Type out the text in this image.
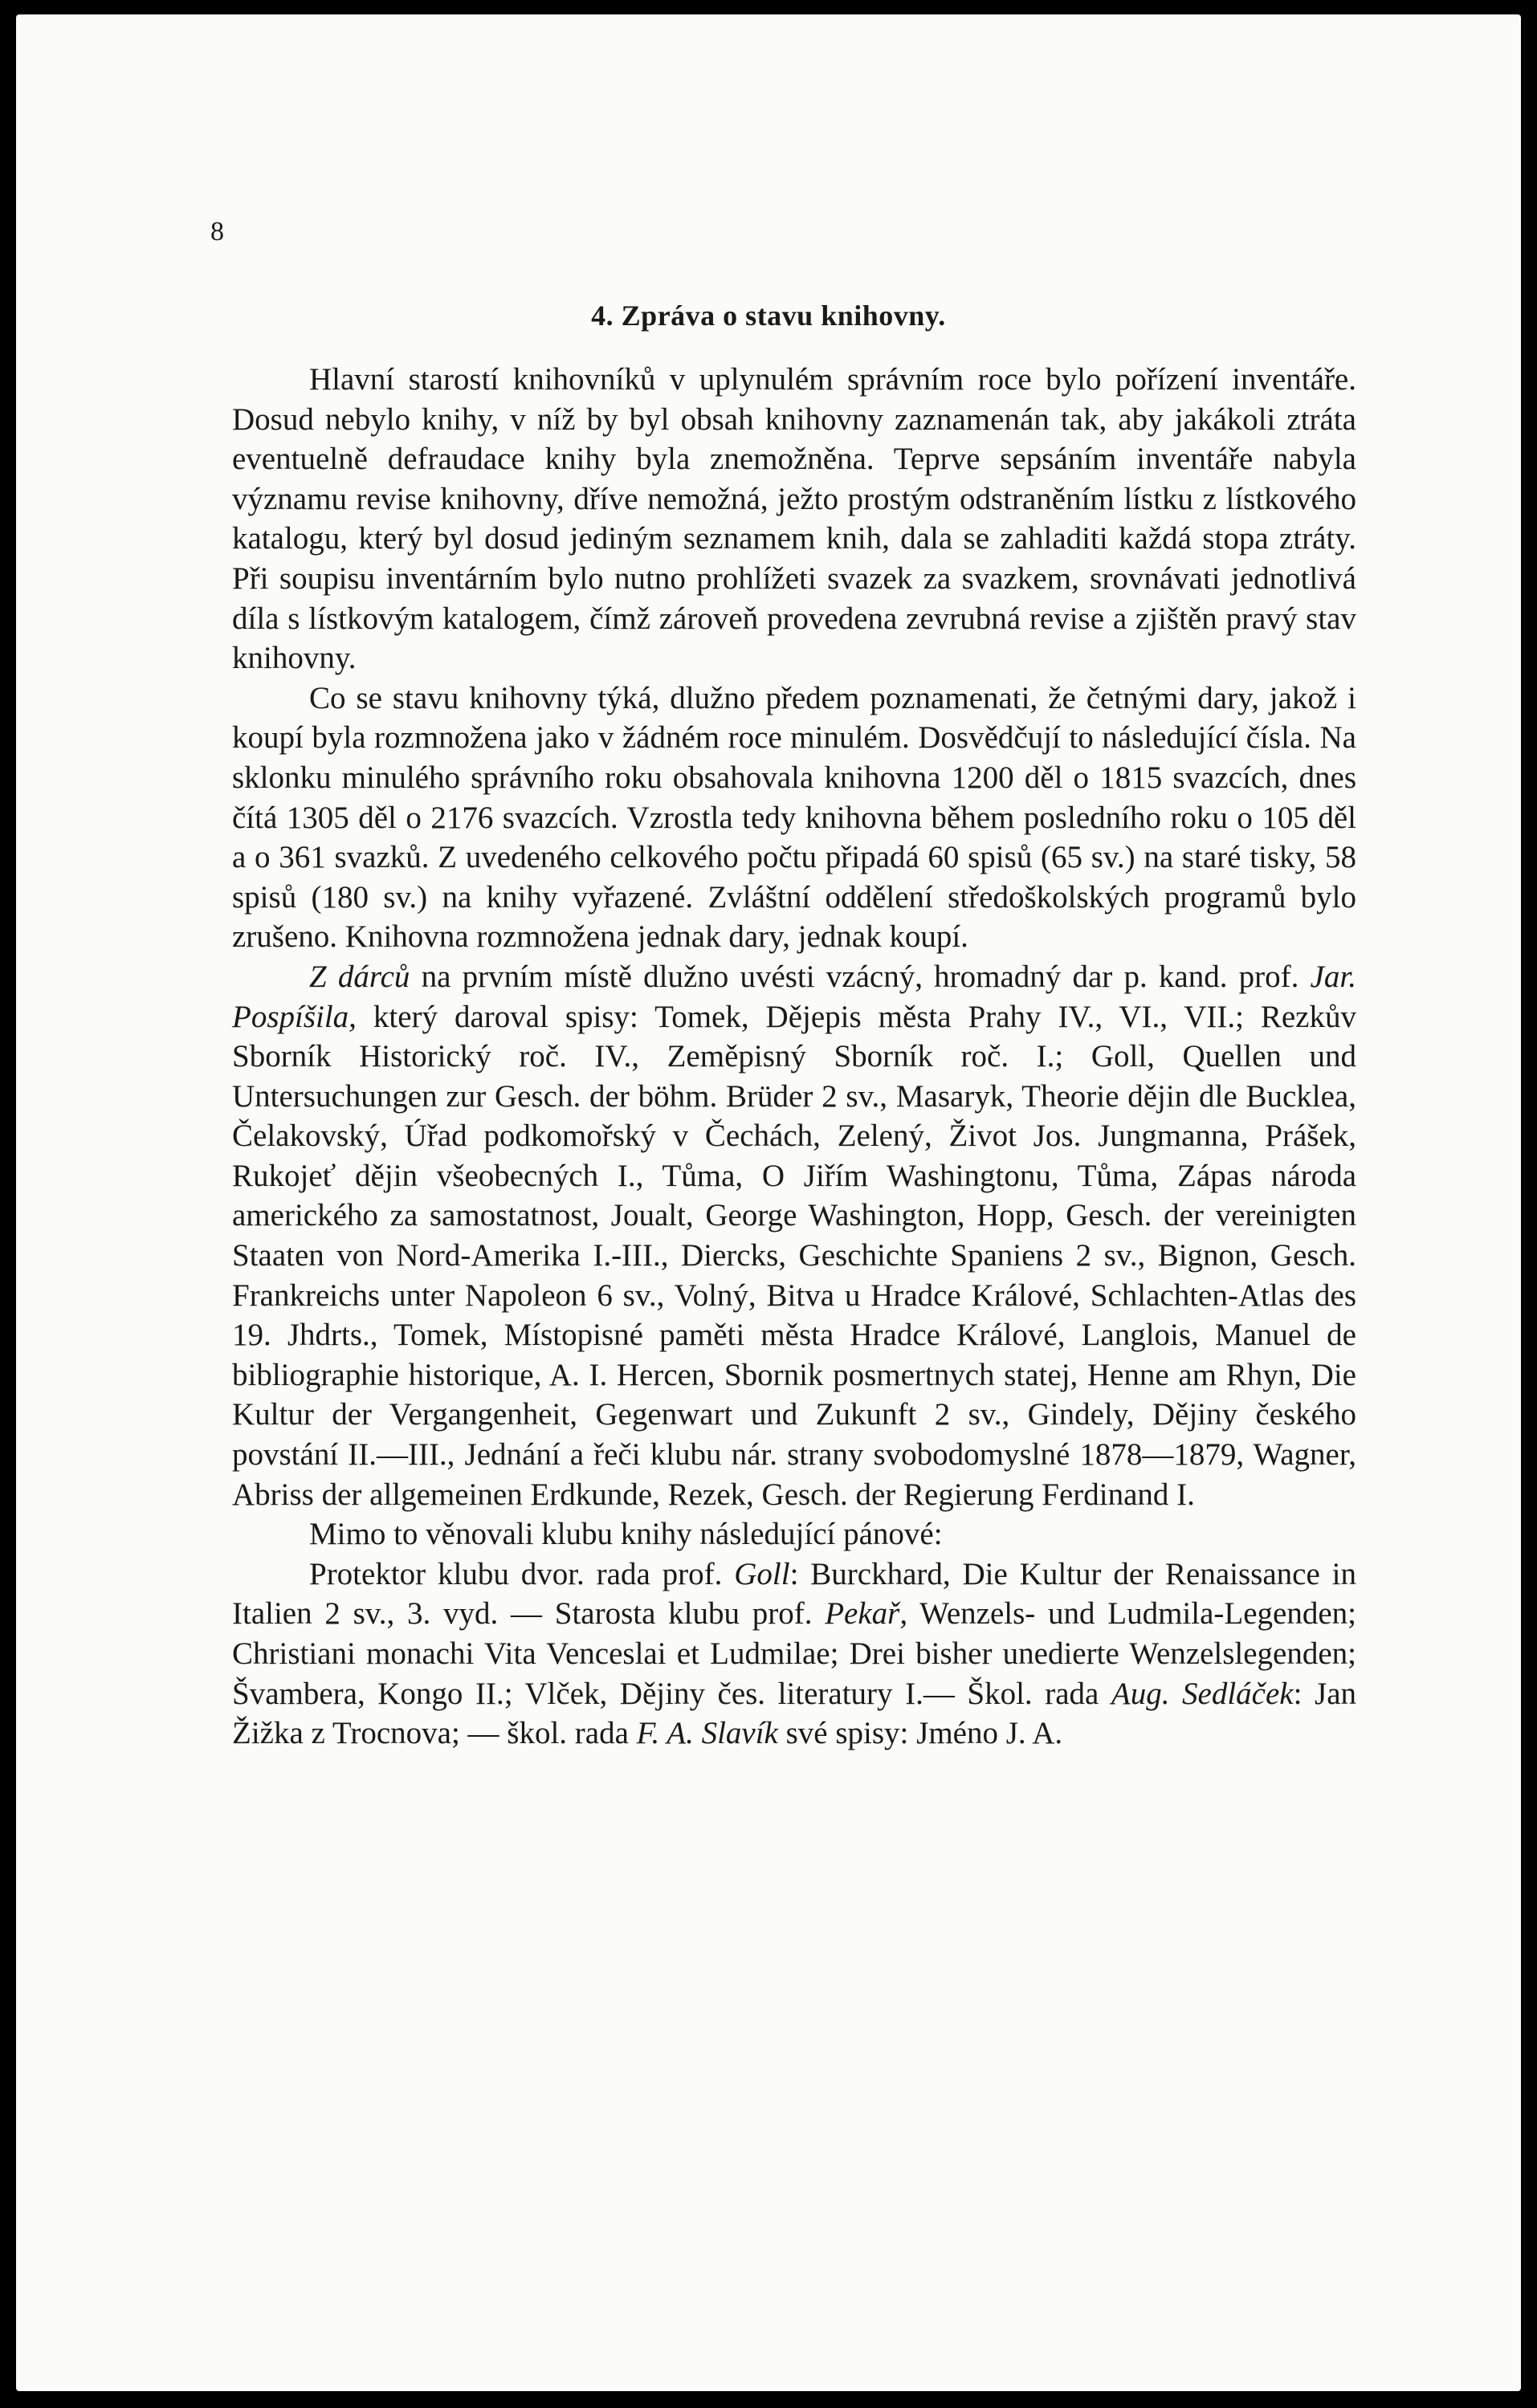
8
4. Zpráva o stavu knihovny.

Hlavní starostí knihovníků v uplynulém správním roce bylo pořízení inventáře. Dosud nebylo knihy, v níž by byl obsah knihovny zaznamenán tak, aby jakákoli ztráta eventuelně defraudace knihy byla znemožněna. Teprve sepsáním inventáře nabyla významu revise knihovny, dříve nemožná, ježto prostým odstraněním lístku z lístkového katalogu, který byl dosud jediným seznamem knih, dala se zahladiti každá stopa ztráty. Při soupisu inventárním bylo nutno prohlížeti svazek za svazkem, srovnávati jednotlivá díla s lístkovým katalogem, čímž zároveň provedena zevrubná revise a zjištěn pravý stav knihovny.

Co se stavu knihovny týká, dlužno předem poznamenati, že četnými dary, jakož i koupí byla rozmnožena jako v žádném roce minulém. Dosvědčují to následující čísla. Na sklonku minulého správního roku obsahovala knihovna 1200 děl o 1815 svazcích, dnes čítá 1305 děl o 2176 svazcích. Vzrostla tedy knihovna během posledního roku o 105 děl a o 361 svazků. Z uvedeného celkového počtu připadá 60 spisů (65 sv.) na staré tisky, 58 spisů (180 sv.) na knihy vyřazené. Zvláštní oddělení středoškolských programů bylo zrušeno. Knihovna rozmnožena jednak dary, jednak koupí.

Z dárců na prvním místě dlužno uvésti vzácný, hromadný dar p. kand. prof. Jar. Pospíšila, který daroval spisy: Tomek, Dějepis města Prahy IV., VI., VII.; Rezkův Sborník Historický roč. IV., Zeměpisný Sborník roč. I.; Goll, Quellen und Untersuchungen zur Gesch. der böhm. Brüder 2 sv., Masaryk, Theorie dějin dle Bucklea, Čelakovský, Úřad podkomořský v Čechách, Zelený, Život Jos. Jungmanna, Prášek, Rukojeť dějin všeobecných I., Tůma, O Jiřím Washingtonu, Tůma, Zápas národa amerického za samostatnost, Joualt, George Washington, Hopp, Gesch. der vereinigten Staaten von Nord-Amerika I.-III., Diercks, Geschichte Spaniens 2 sv., Bignon, Gesch. Frankreichs unter Napoleon 6 sv., Volný, Bitva u Hradce Králové, Schlachten-Atlas des 19. Jhdrts., Tomek, Místopisné paměti města Hradce Králové, Langlois, Manuel de bibliographie historique, A. I. Hercen, Sbornik posmertnych statej, Henne am Rhyn, Die Kultur der Vergangenheit, Gegenwart und Zukunft 2 sv., Gindely, Dějiny českého povstání II.—III., Jednání a řeči klubu nár. strany svobodomyslné 1878—1879, Wagner, Abriss der allgemeinen Erdkunde, Rezek, Gesch. der Regierung Ferdinand I.

Mimo to věnovali klubu knihy následující pánové:

Protektor klubu dvor. rada prof. Goll: Burckhard, Die Kultur der Renaissance in Italien 2 sv., 3. vyd. — Starosta klubu prof. Pekař, Wenzels- und Ludmila-Legenden; Christiani monachi Vita Venceslai et Ludmilae; Drei bisher unedierte Wenzelslegenden; Švambera, Kongo II.; Vlček, Dějiny čes. literatury I.— Škol. rada Aug. Sedláček: Jan Žižka z Trocnova; — škol. rada F. A. Slavík své spisy: Jméno J. A.
